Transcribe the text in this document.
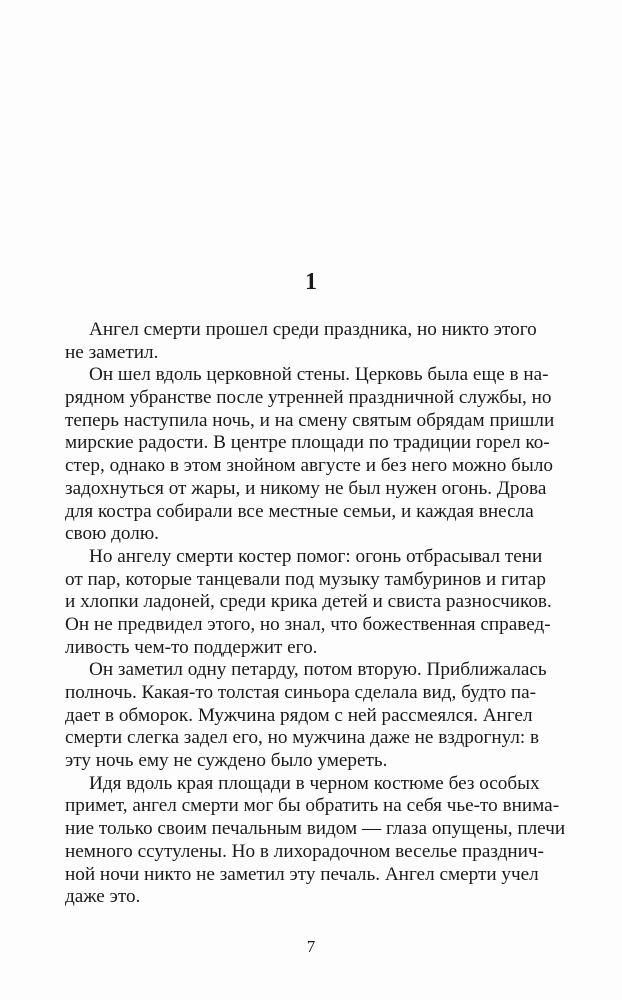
1
Ангел смерти прошел среди праздника, но никто этого
не заметил.
Он шел вдоль церковной стены. Церковь была еще в на-
рядном убранстве после утренней праздничной службы, но
теперь наступила ночь, и на смену святым обрядам пришли
мирские радости. В центре площади по традиции горел ко-
стер, однако в этом знойном августе и без него можно было
задохнуться от жары, и никому не был нужен огонь. Дрова
для костра собирали все местные семьи, и каждая внесла
свою долю.
Но ангелу смерти костер помог: огонь отбрасывал тени
от пар, которые танцевали под музыку тамбуринов и гитар
и хлопки ладоней, среди крика детей и свиста разносчиков.
Он не предвидел этого, но знал, что божественная справед-
ливость чем-то поддержит его.
Он заметил одну петарду, потом вторую. Приближалась
полночь. Какая-то толстая синьора сделала вид, будто па-
дает в обморок. Мужчина рядом с ней рассмеялся. Ангел
смерти слегка задел его, но мужчина даже не вздрогнул: в
эту ночь ему не суждено было умереть.
Идя вдоль края площади в черном костюме без особых
примет, ангел смерти мог бы обратить на себя чье-то внима-
ние только своим печальным видом — глаза опущены, плечи
немного ссутулены. Но в лихорадочном веселье празднич-
ной ночи никто не заметил эту печаль. Ангел смерти учел
даже это.
7
